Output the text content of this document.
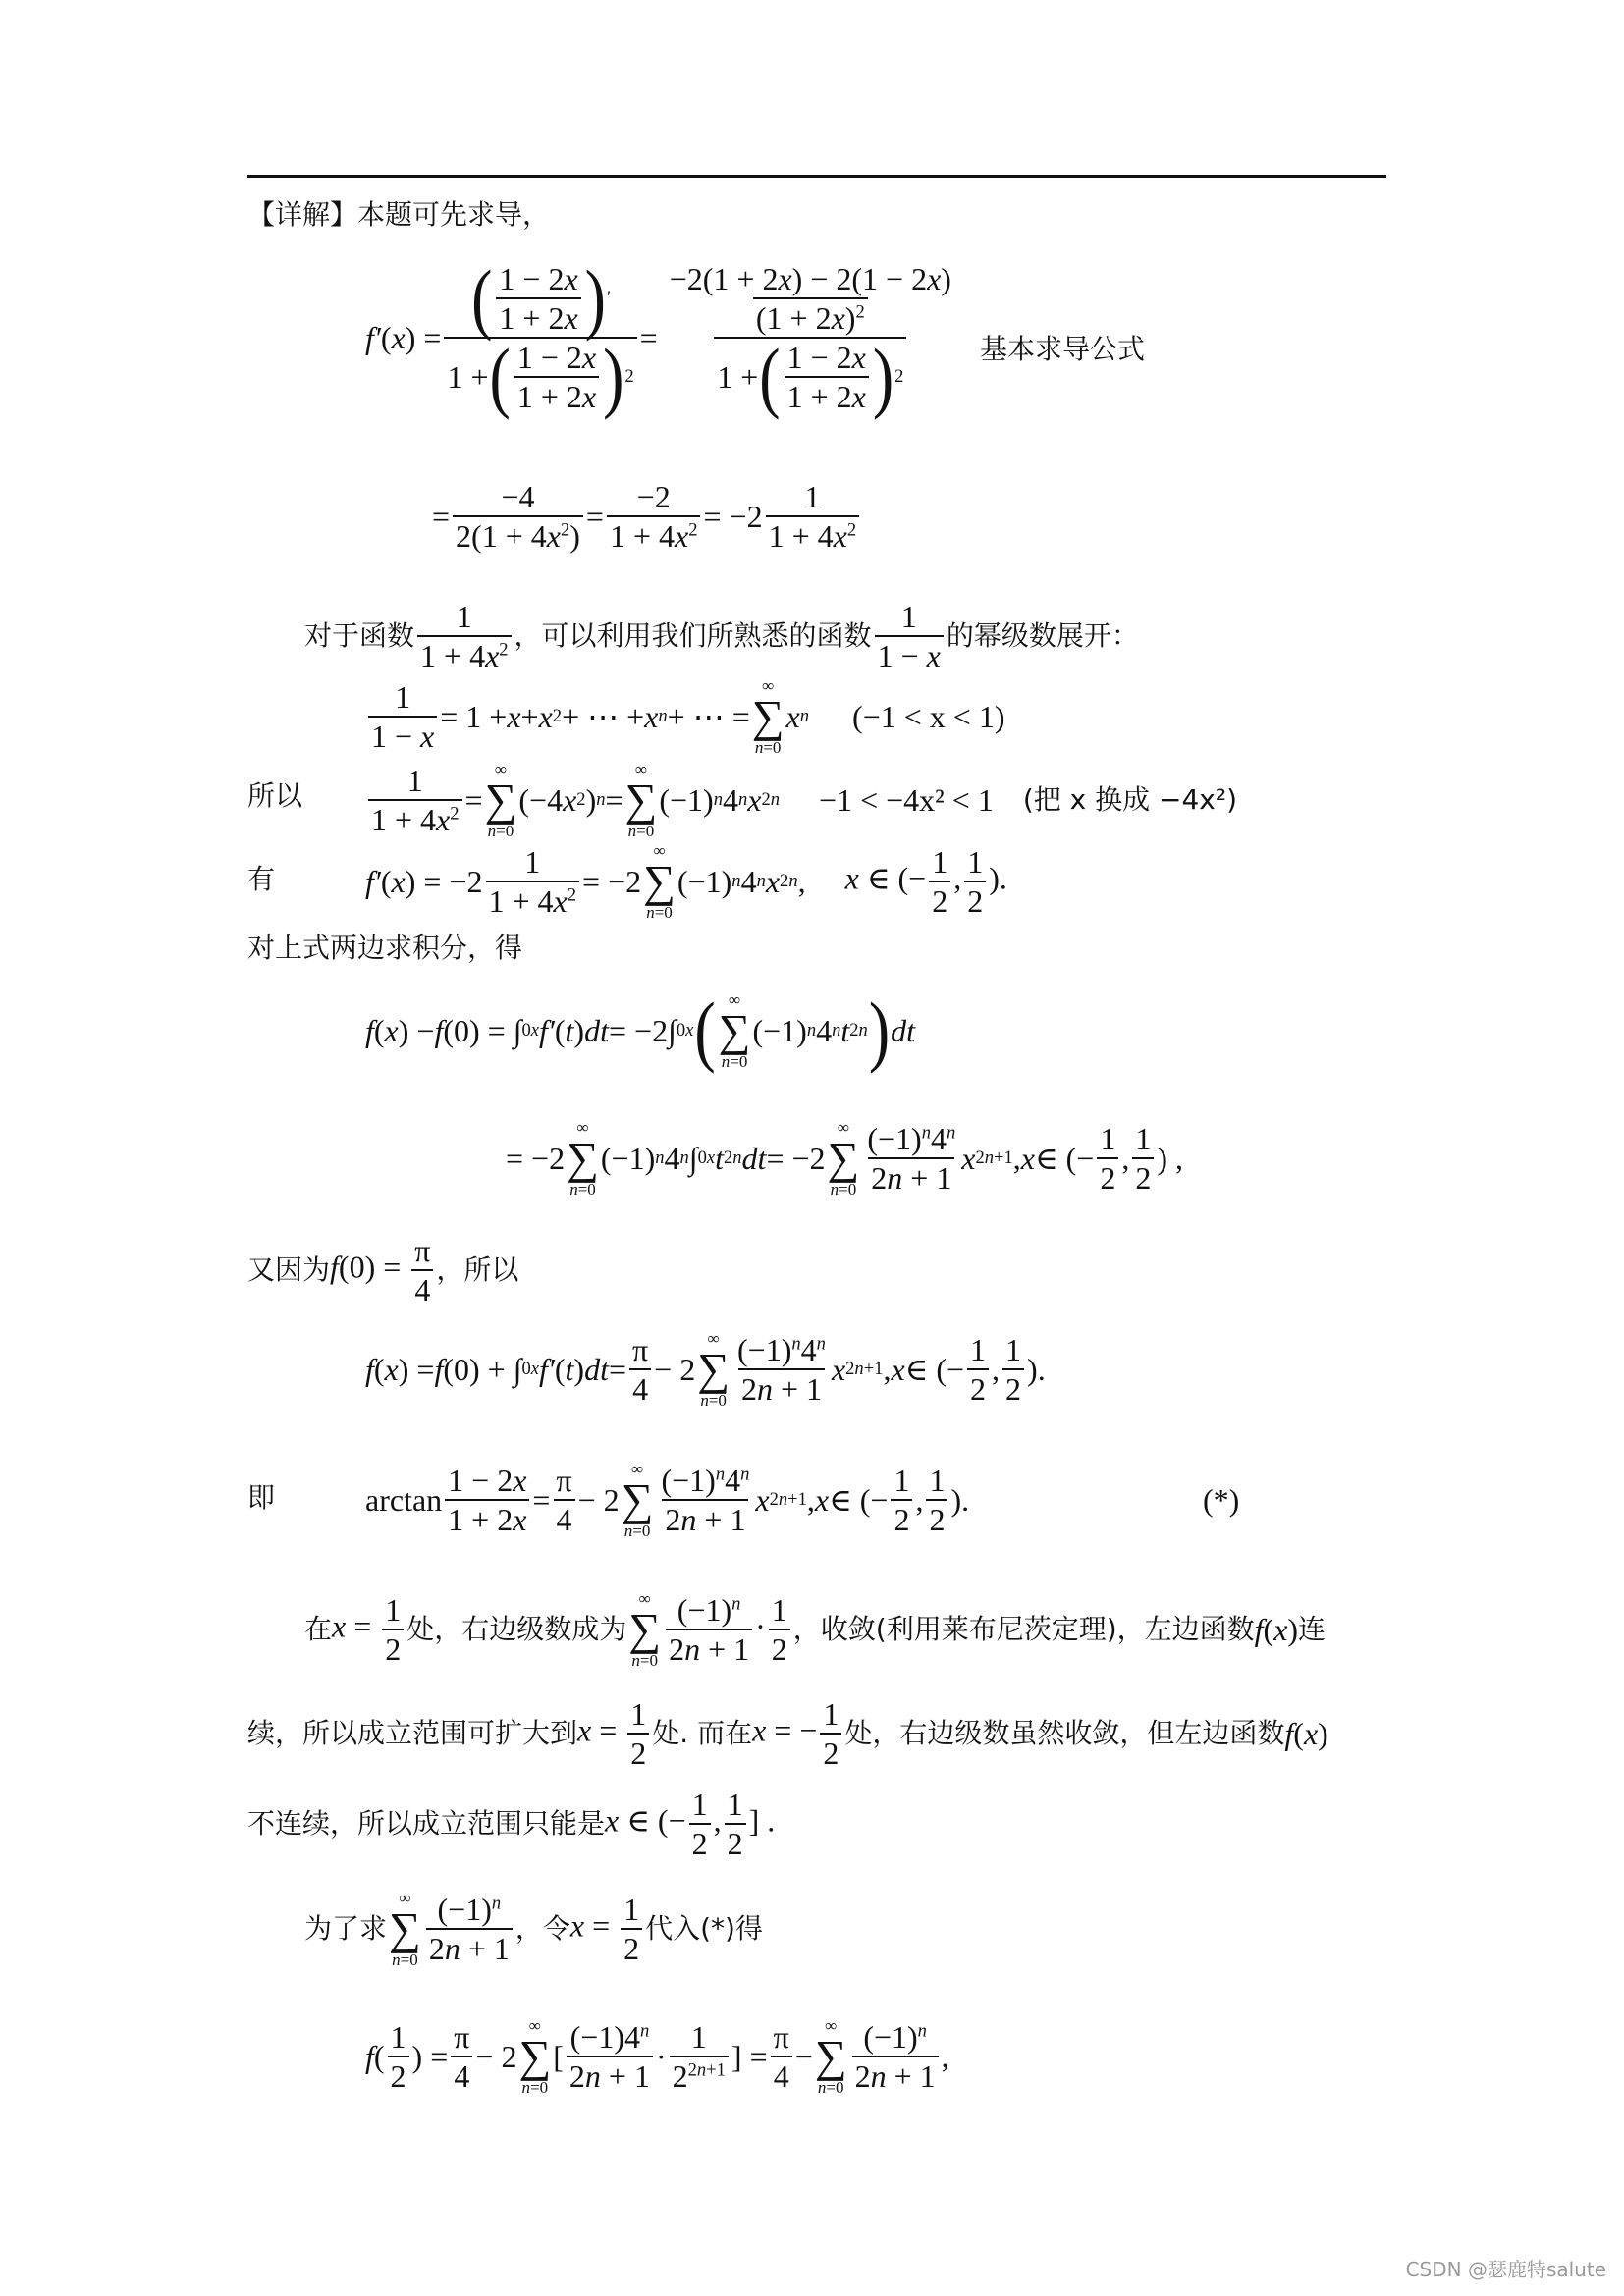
【详解】本题可先求导，
f′ ( x ) = $\frac{( \frac{1 - 2x}{1 + 2x} ) '}{1 + ( \frac{1 - 2x}{1 + 2x} ) 2} = \frac{\frac{-2(1 + 2x) - 2(1 - 2x)}{(1 + 2x)^2}}{1 + ( \frac{1 - 2x}{1 + 2x} ) 2}$ 基本求导公式
= $\frac{-4}{2(1 + 4x^2)} = \frac{-2}{1 + 4x^2} = -2 \frac{1}{1 + 4x^2}$
对于函数 $\frac{1}{1 + 4x^2}$ ，可以利用我们所熟悉的函数 $\frac{1}{1 - x}$ 的幂级数展开：
$\frac{1}{1 - x} = 1 + x + x$ 2 + ⋯ + x n + ⋯ =
∞
∑
n=0
x n (−1 < x < 1)
所以 $\frac{1}{1 + 4x^2}$ =
∞
∑
n=0
(−4 x 2 ) n =
∞
∑
n=0
(−1) n 4 n x 2n −1 < −4x² < 1 (把 x 换成 −4x²)
有	f′ ( x ) = $-2 \frac{1}{1 + 4x^2} = -2$
∞
∑
n=0
(−1) n 4 n x 2n , x ∈ (− $\frac{1}{2}$ , $\frac{1}{2}$ ).
对上式两边求积分，得
f ( x ) − f (0) = ∫ 0 x f′ ( t ) dt = −2∫ 0 x ( ∞
∑
n=0
(−1) n 4 n t 2n ) dt
= −2
∞
∑
n=0
(−1) n 4 n ∫ 0 x t 2n dt = −2
∞
∑
$n=0 \frac{(-1)^n4^n}{2n + 1}$ x 2n+1 , x ∈ (− $\frac{1}{2}$ , $\frac{1}{2}$ ) ,
又因为 $f(0) = \frac{\pi}{4}$ ，所以
f ( x ) = f (0) + ∫ 0 x f′ ( t ) dt = $\frac{\pi}{4} - 2$
∞
∑
$n=0 \frac{(-1)^n4^n}{2n + 1}$ x 2n+1 , x ∈ (− $\frac{1}{2}$ , $\frac{1}{2}$ ).
即	$\arctan \frac{1 - 2x}{1 + 2x} = \frac{\pi}{4} - 2$
∞
∑
$n=0 \frac{(-1)^n4^n}{2n + 1}$ x 2n+1 , x ∈ (− $\frac{1}{2}$ , $\frac{1}{2}$ ).	(*)
在 $x = \frac{1}{2}$ 处，右边级数成为
∞
∑
$n=0 \frac{(-1)^n}{2n + 1} \cdot \frac{1}{2}$ ，收敛(利用莱布尼茨定理)，左边函数 f(x) 连
续，所以成立范围可扩大到 $x = \frac{1}{2}$ 处. 而在 x = − $\frac{1}{2}$ 处，右边级数虽然收敛，但左边函数 f(x)
不连续，所以成立范围只能是 x ∈ (− $\frac{1}{2}$ , $\frac{1}{2}$ ] .
为了求
∞
∑
$n=0 \frac{(-1)^n}{2n + 1}$ ，令 $x = \frac{1}{2}$ 代入(*)得
f ( $\frac{1}{2}$ ) = $\frac{\pi}{4} - 2$
∞
∑
n=0
[ $\frac{(-1)4^n}{2n + 1} \cdot \frac{1}{2^{2n+1}}$ ] = $\frac{\pi}{4}$ −
∞
∑
$n=0 \frac{(-1)^n}{2n + 1}$ ,
CSDN @瑟鹿特salute
